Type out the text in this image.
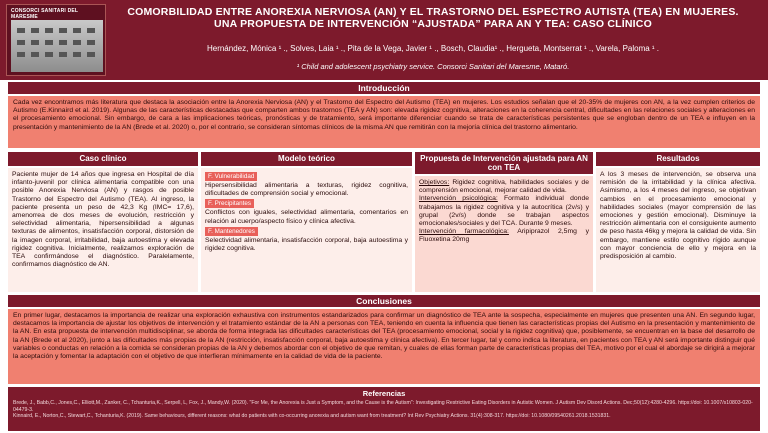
CONSORCI SANITARI DEL MARESME	COMORBILIDAD ENTRE ANOREXIA NERVIOSA (AN) Y EL TRASTORNO DEL ESPECTRO AUTISTA (TEA) EN MUJERES. UNA PROPUESTA DE INTERVENCIÓN “AJUSTADA” PARA AN Y TEA: CASO CLÍNICO
Hernández, Mónica ¹ ., Solves, Laia ¹ ., Pita de la Vega, Javier ¹ ., Bosch, Claudia¹ ., Hergueta, Montserrat ¹ ., Varela, Paloma ¹ .
¹ Child and adolescent psychiatry service. Consorci Sanitari del Maresme, Mataró.
Introducción
Cada vez encontramos más literatura que destaca la asociación entre la Anorexia Nerviosa (AN) y el Trastorno del Espectro del Autismo (TEA) en mujeres. Los estudios señalan que el 20-35% de mujeres con AN, a la vez cumplen criterios de Autismo (E.Kinnaird et al. 2019). Algunas de las características destacadas que comparten ambos trastornos (TEA y AN) son: elevada rigidez cognitiva, alteraciones en la coherencia central, dificultades en las relaciones sociales y alteraciones en el procesamiento emocional. Sin embargo, de cara a las implicaciones teóricas, pronósticas y de tratamiento, será importante diferenciar cuando se trata de características persistentes que se engloban dentro de un TEA e influyen en la presentación y mantenimiento de la AN (Brede et al. 2020) o, por el contrario, se consideran síntomas clínicos de la misma AN que remitirán con la mejoría clínica del trastorno alimentario.
Caso clínico	Modelo teórico	Propuesta de Intervención ajustada para AN con TEA
Resultados
Paciente mujer de 14 años que ingresa en Hospital de día infanto-juvenil por clínica alimentaria compatible con una posible Anorexia Nerviosa (AN) y rasgos de posible Trastorno del Espectro del Autismo (TEA). Al ingreso, la paciente presenta un peso de 42,3 Kg (IMC= 17,6), amenorrea de dos meses de evolución, restricción y selectividad alimentaria, hipersensibilidad a algunas texturas de alimentos, insatisfacción corporal, distorsión de la imagen corporal, irritabilidad, baja autoestima y elevada rigidez cognitiva. Inicialmente, realizamos exploración de TEA confirmándose el diagnóstico. Paralelamente, confirmamos diagnóstico de AN.
F. Vulnerabilidad
Hipersensibilidad alimentaria a texturas, rigidez cognitiva, dificultades de comprensión social y emocional.
F. Precipitantes
Conflictos con iguales, selectividad alimentaria, comentarios en relación al cuerpo/aspecto físico y clínica afectiva.
F. Mantenedores
Selectividad alimentaria, insatisfacción corporal, baja autoestima y rigidez cognitiva.

Objetivos: Rigidez cognitiva, habilidades sociales y de comprensión emocional, mejorar calidad de vida.

Intervención psicológica: Formato individual donde trabajamos la rigidez cognitiva y la autocrítica (2v/s) y grupal (2v/s) donde se trabajan aspectos emocionales/sociales y del TCA. Durante 9 meses.

Intervención farmacológica: Aripiprazol 2,5mg y Fluoxetina 20mg

A los 3 meses de intervención, se observa una remisión de la irritabilidad y la clínica afectiva. Asimismo, a los 4 meses del ingreso, se objetivan cambios en el procesamiento emocional y habilidades sociales (mayor comprensión de las emociones y gestión emocional). Disminuye la restricción alimentaria con el consiguiente aumento de peso hasta 46kg y mejora la calidad de vida. Sin embargo, mantiene estilo cognitivo rígido aunque con mayor conciencia de ello y mejora en la predisposición al cambio.
Conclusiones
En primer lugar, destacamos la importancia de realizar una exploración exhaustiva con instrumentos estandarizados para confirmar un diagnóstico de TEA ante la sospecha, especialmente en mujeres que presenten una AN. En segundo lugar, destacamos la importancia de ajustar los objetivos de intervención y el tratamiento estándar de la AN a personas con TEA, teniendo en cuenta la influencia que tienen las características propias del Autismo en la presentación y mantenimiento de la AN. En esta propuesta de intervención multidisciplinar, se aborda de forma integrada las dificultades características del TEA (procesamiento emocional, social y la rigidez cognitiva) que, posiblemente, se encuentran en la base del desarrollo de la AN (Brede et al 2020), junto a las dificultades más propias de la AN (restricción, insatisfacción corporal, baja autoestima y clínica afectiva). En tercer lugar, tal y como indica la literatura, en pacientes con TEA y AN será importante distinguir qué variables o conductas en relación a la comida se consideran propias de la AN y debemos abordar con el objetivo de que remitan, y cuales de ellas forman parte de características propias del TEA, motivo por el cual el abordaje se dirigirá a mejorar la aceptación y fomentar la adaptación con el objetivo de que interfieran mínimamente en la calidad de vida de la paciente.
Referencias
Brede, J., Babb,C., Jones,C., Elliott,M., Zanker, C., Tchanturia,K., Serpell, L, Fox, J., Mandy,W. (2020). "For Me, the Anorexia is Just a Symptom, and the Cause is the Autism": Investigating Restrictive Eating Disorders in Autistic Women. J Autism Dev Disord Actions. Dec;50(12):4280-4296. https://doi: 10.1007/s10803-020-04479-3.
Kinnaird, E., Norton,C., Stewart,C., Tchanturia,K. (2019). Same behaviours, different reasons: what do patients with co-occurring anorexia and autism want from treatment? Int Rev Psychiatry Actions. 31(4):308-317. https://doi: 10.1080/09540261.2018.1531831.
